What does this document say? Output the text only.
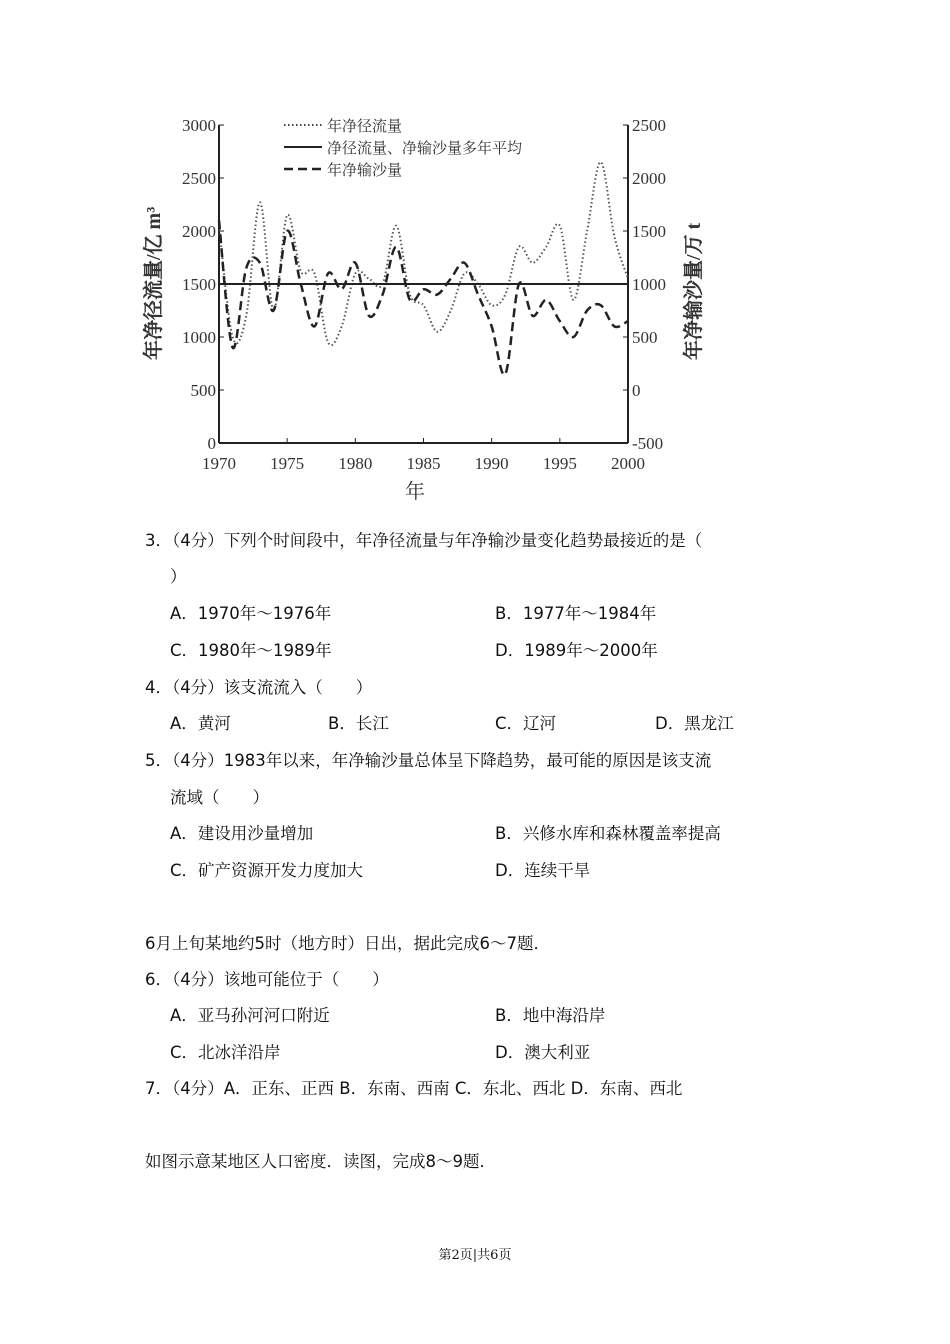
1970 1975 1980 1985 1990 1995 2000
0
500
1000
1500
2000
2500
3000
-500
0
500
1000
1500
2000
2500
年净径流量
净径流量、净输沙量多年平均
年净输沙量
年
年净径流量/亿 m³	年净输沙量/万 t
3．（4分）下列个时间段中，年净径流量与年净输沙量变化趋势最接近的是（
）
A．1970年～1976年	B．1977年～1984年
C．1980年～1989年	D．1989年～2000年
4．（4分）该支流流入（　　）
A．黄河	B．长江	C．辽河	D．黑龙江
5．（4分）1983年以来，年净输沙量总体呈下降趋势，最可能的原因是该支流
流域（　　）
A．建设用沙量增加	B．兴修水库和森林覆盖率提高
C．矿产资源开发力度加大	D．连续干旱
6月上旬某地约5时（地方时）日出，据此完成6～7题．
6．（4分）该地可能位于（　　）
A．亚马孙河河口附近	B．地中海沿岸
C．北冰洋沿岸	D．澳大利亚
7．（4分）A．正东、正西 B．东南、西南 C．东北、西北 D．东南、西北
如图示意某地区人口密度．读图，完成8～9题．
第2页|共6页
